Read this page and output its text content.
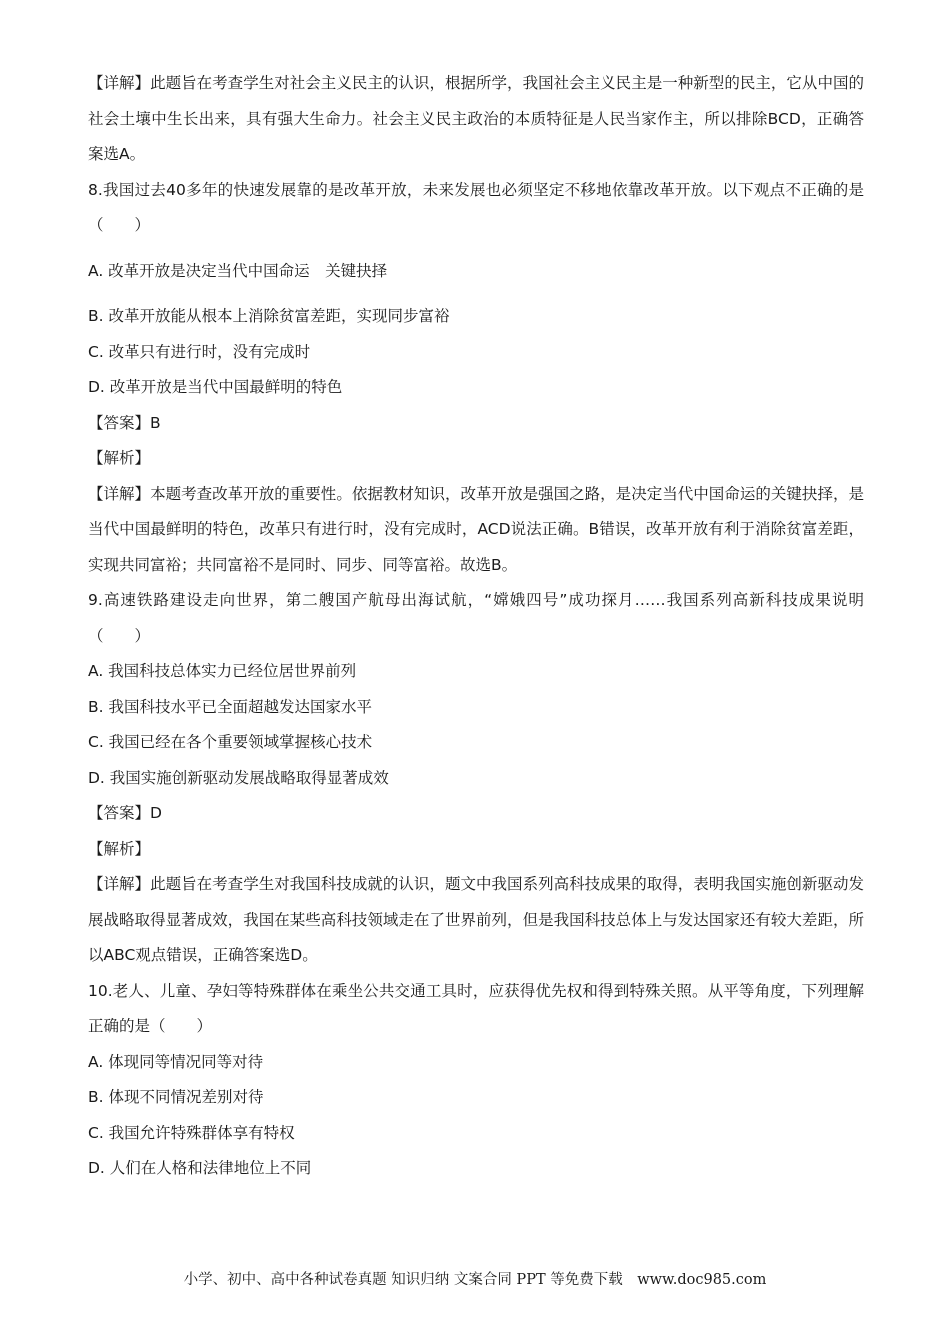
【详解】此题旨在考查学生对社会主义民主的认识，根据所学，我国社会主义民主是一种新型的民主，它从中国的社会土壤中生长出来，具有强大生命力。社会主义民主政治的本质特征是人民当家作主，所以排除BCD，正确答案选A。

8.我国过去40多年的快速发展靠的是改革开放，未来发展也必须坚定不移地依靠改革开放。以下观点不正确的是（　　）

A. 改革开放是决定当代中国命运　关键抉择

B. 改革开放能从根本上消除贫富差距，实现同步富裕

C. 改革只有进行时，没有完成时

D. 改革开放是当代中国最鲜明的特色

【答案】B

【解析】

【详解】本题考查改革开放的重要性。依据教材知识，改革开放是强国之路，是决定当代中国命运的关键抉择，是当代中国最鲜明的特色，改革只有进行时，没有完成时，ACD说法正确。B错误，改革开放有利于消除贫富差距，实现共同富裕；共同富裕不是同时、同步、同等富裕。故选B。

9.高速铁路建设走向世界，第二艘国产航母出海试航，“嫦娥四号”成功探月……我国系列高新科技成果说明（　　）

A. 我国科技总体实力已经位居世界前列

B. 我国科技水平已全面超越发达国家水平

C. 我国已经在各个重要领域掌握核心技术

D. 我国实施创新驱动发展战略取得显著成效

【答案】D

【解析】

【详解】此题旨在考查学生对我国科技成就的认识，题文中我国系列高科技成果的取得，表明我国实施创新驱动发展战略取得显著成效，我国在某些高科技领域走在了世界前列，但是我国科技总体上与发达国家还有较大差距，所以ABC观点错误，正确答案选D。

10.老人、儿童、孕妇等特殊群体在乘坐公共交通工具时，应获得优先权和得到特殊关照。从平等角度，下列理解正确的是（　　）

A. 体现同等情况同等对待

B. 体现不同情况差别对待

C. 我国允许特殊群体享有特权

D. 人们在人格和法律地位上不同

小学、初中、高中各种试卷真题 知识归纳 文案合同 PPT 等免费下载　www.doc985.com
